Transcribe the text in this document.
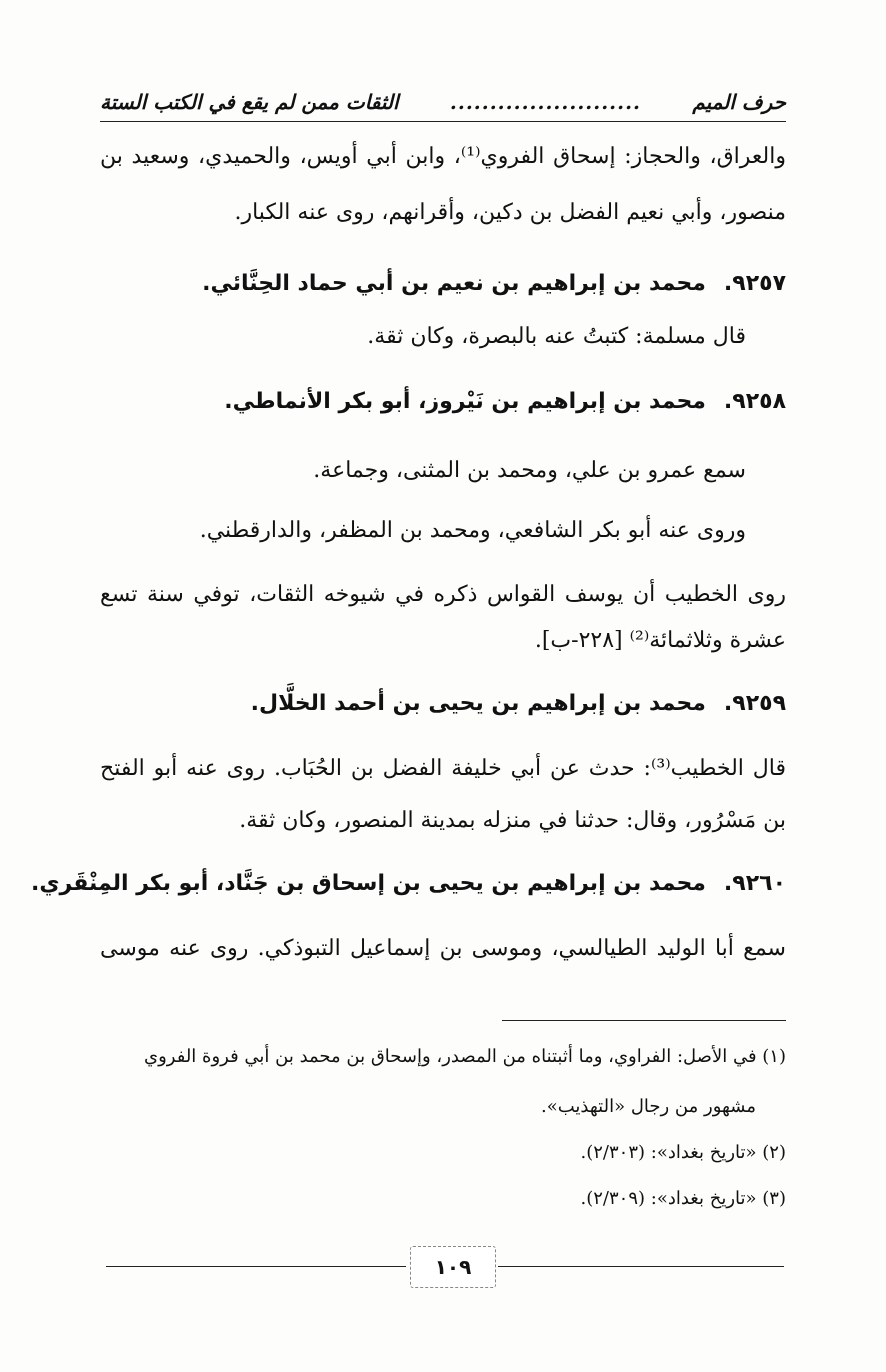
حرف الميم
........................
الثقات ممن لم يقع في الكتب الستة
والعراق، والحجاز: إسحاق الفروي⁽¹⁾، وابن أبي أويس، والحميدي، وسعيد بن
منصور، وأبي نعيم الفضل بن دكين، وأقرانهم، روى عنه الكبار.
٩٢٥٧.محمد بن إبراهيم بن نعيم بن أبي حماد الحِنَّائي.
قال مسلمة: كتبتُ عنه بالبصرة، وكان ثقة.
٩٢٥٨.محمد بن إبراهيم بن نَيْروز، أبو بكر الأنماطي.
سمع عمرو بن علي، ومحمد بن المثنى، وجماعة.
وروى عنه أبو بكر الشافعي، ومحمد بن المظفر، والدارقطني.
روى الخطيب أن يوسف القواس ذكره في شيوخه الثقات، توفي سنة تسع
عشرة وثلاثمائة⁽²⁾ [٢٢٨-ب].
٩٢٥٩.محمد بن إبراهيم بن يحيى بن أحمد الخلَّال.
قال الخطيب⁽³⁾: حدث عن أبي خليفة الفضل بن الحُبَاب. روى عنه أبو الفتح
بن مَسْرُور، وقال: حدثنا في منزله بمدينة المنصور، وكان ثقة.
٩٢٦٠.محمد بن إبراهيم بن يحيى بن إسحاق بن جَنَّاد، أبو بكر المِنْقَري.
سمع أبا الوليد الطيالسي، وموسى بن إسماعيل التبوذكي. روى عنه موسى
(١) في الأصل: الفراوي، وما أثبتناه من المصدر، وإسحاق بن محمد بن أبي فروة الفروي
مشهور من رجال «التهذيب».
(٢) «تاريخ بغداد»: (٢/٣٠٣).
(٣) «تاريخ بغداد»: (٢/٣٠٩).
١٠٩
